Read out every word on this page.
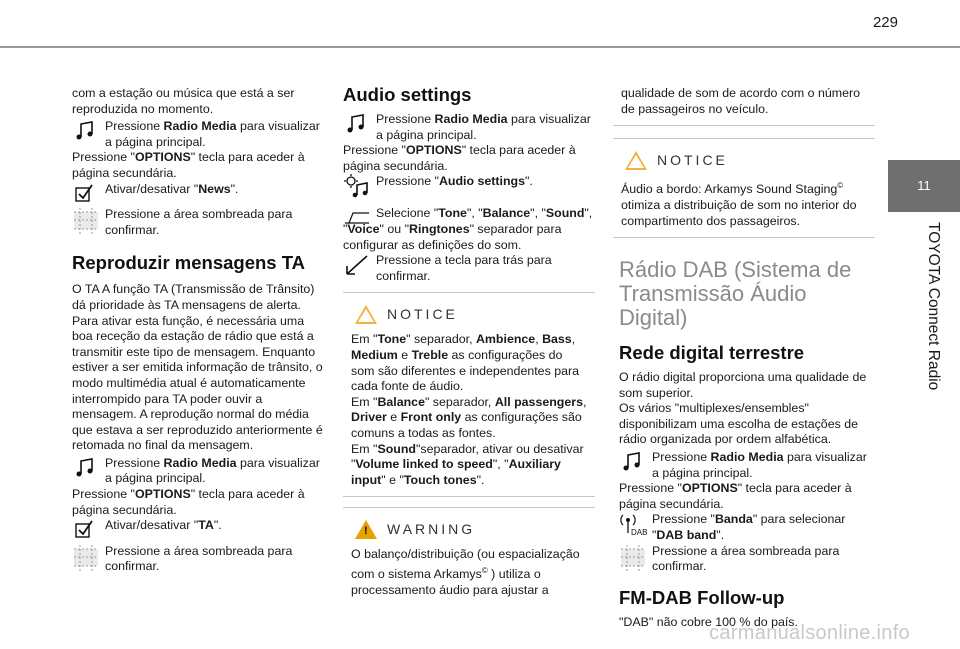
229
11
TOYOTA Connect Radio

com a estação ou música que está a ser reproduzida no momento.

Pressione Radio Media para visualizar a página principal.

Pressione "OPTIONS" tecla para aceder à página secundária.

Ativar/desativar "News".
Pressione a área sombreada para confirmar.
Reproduzir mensagens TA

O TA A função TA (Transmissão de Trânsito) dá prioridade às TA mensagens de alerta. Para ativar esta função, é necessária uma boa receção da estação de rádio que está a transmitir este tipo de mensagem. Enquanto estiver a ser emitida informação de trânsito, o modo multimédia atual é automaticamente interrompido para TA poder ouvir a mensagem. A reprodução normal do média que estava a ser reproduzido anteriormente é retomada no final da mensagem.

Pressione Radio Media para visualizar a página principal.

Pressione "OPTIONS" tecla para aceder à página secundária.

Ativar/desativar "TA".
Pressione a área sombreada para confirmar.
Audio settings
Pressione Radio Media para visualizar a página principal.

Pressione "OPTIONS" tecla para aceder à página secundária.

Pressione "Audio settings".
Selecione "Tone", "Balance", "Sound",

"Voice" ou "Ringtones" separador para configurar as definições do som.

Pressione a tecla para trás para confirmar.
! NOTICE

Em "Tone" separador, Ambience, Bass, Medium e Treble as configurações do som são diferentes e independentes para cada fonte de áudio.

Em "Balance" separador, All passengers, Driver e Front only as configurações são comuns a todas as fontes.

Em "Sound"separador, ativar ou desativar "Volume linked to speed", "Auxiliary input" e "Touch tones".

! WARNING

O balanço/distribuição (ou espacialização com o sistema Arkamys© ) utiliza o processamento áudio para ajustar a

qualidade de som de acordo com o número de passageiros no veículo.

! NOTICE

Áudio a bordo: Arkamys Sound Staging© otimiza a distribuição de som no interior do compartimento dos passageiros.

Rádio DAB (Sistema de Transmissão Áudio Digital)
Rede digital terrestre

O rádio digital proporciona uma qualidade de som superior.

Os vários "multiplexes/ensembles" disponibilizam uma escolha de estações de rádio organizada por ordem alfabética.

Pressione Radio Media para visualizar a página principal.

Pressione "OPTIONS" tecla para aceder à página secundária.

DAB
Pressione "Banda" para selecionar "DAB band".
Pressione a área sombreada para confirmar.
FM-DAB Follow-up

"DAB" não cobre 100 % do país.

carmanualsonline.info
